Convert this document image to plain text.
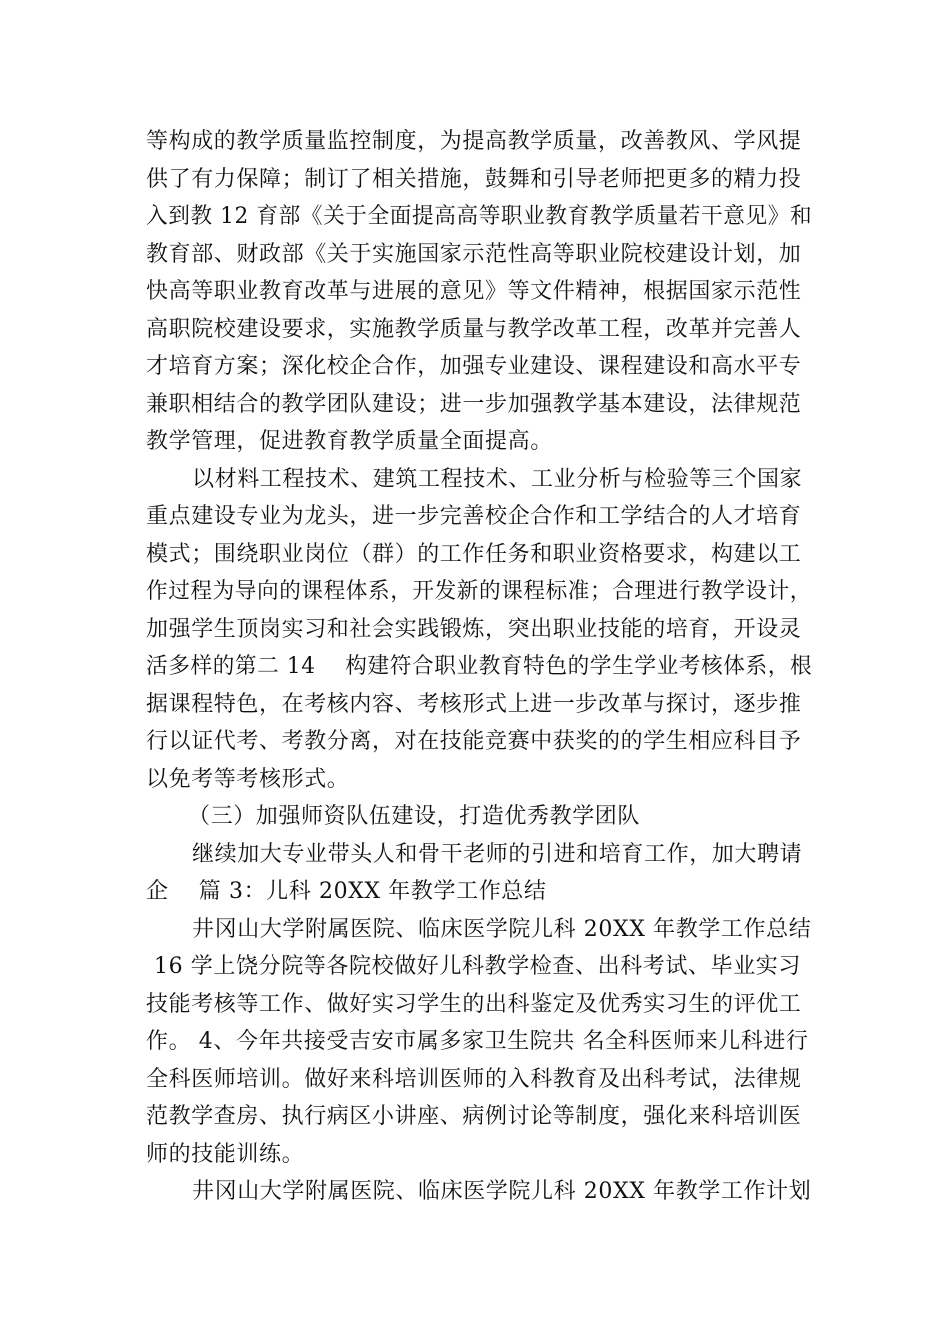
等构成的教学质量监控制度，为提高教学质量，改善教风、学风提
供了有力保障；制订了相关措施，鼓舞和引导老师把更多的精力投
入到教 12 育部《关于全面提高高等职业教育教学质量若干意见》和
教育部、财政部《关于实施国家示范性高等职业院校建设计划，加
快高等职业教育改革与进展的意见》等文件精神，根据国家示范性
高职院校建设要求，实施教学质量与教学改革工程，改革并完善人
才培育方案；深化校企合作，加强专业建设、课程建设和高水平专
兼职相结合的教学团队建设；进一步加强教学基本建设，法律规范
教学管理，促进教育教学质量全面提高。
以材料工程技术、建筑工程技术、工业分析与检验等三个国家
重点建设专业为龙头，进一步完善校企合作和工学结合的人才培育
模式；围绕职业岗位（群）的工作任务和职业资格要求，构建以工
作过程为导向的课程体系，开发新的课程标准；合理进行教学设计，
加强学生顶岗实习和社会实践锻炼，突出职业技能的培育，开设灵
活多样的第二 14　 构建符合职业教育特色的学生学业考核体系，根
据课程特色，在考核内容、考核形式上进一步改革与探讨，逐步推
行以证代考、考教分离，对在技能竞赛中获奖的的学生相应科目予
以免考等考核形式。
（三）加强师资队伍建设，打造优秀教学团队
继续加大专业带头人和骨干老师的引进和培育工作，加大聘请
企　 篇 3：儿科 20XX 年教学工作总结
井冈山大学附属医院、临床医学院儿科 20XX 年教学工作总结
16 学上饶分院等各院校做好儿科教学检查、出科考试、毕业实习
技能考核等工作、做好实习学生的出科鉴定及优秀实习生的评优工
作。 4、今年共接受吉安市属多家卫生院共 名全科医师来儿科进行
全科医师培训。做好来科培训医师的入科教育及出科考试，法律规
范教学查房、执行病区小讲座、病例讨论等制度，强化来科培训医
师的技能训练。
井冈山大学附属医院、临床医学院儿科 20XX 年教学工作计划
